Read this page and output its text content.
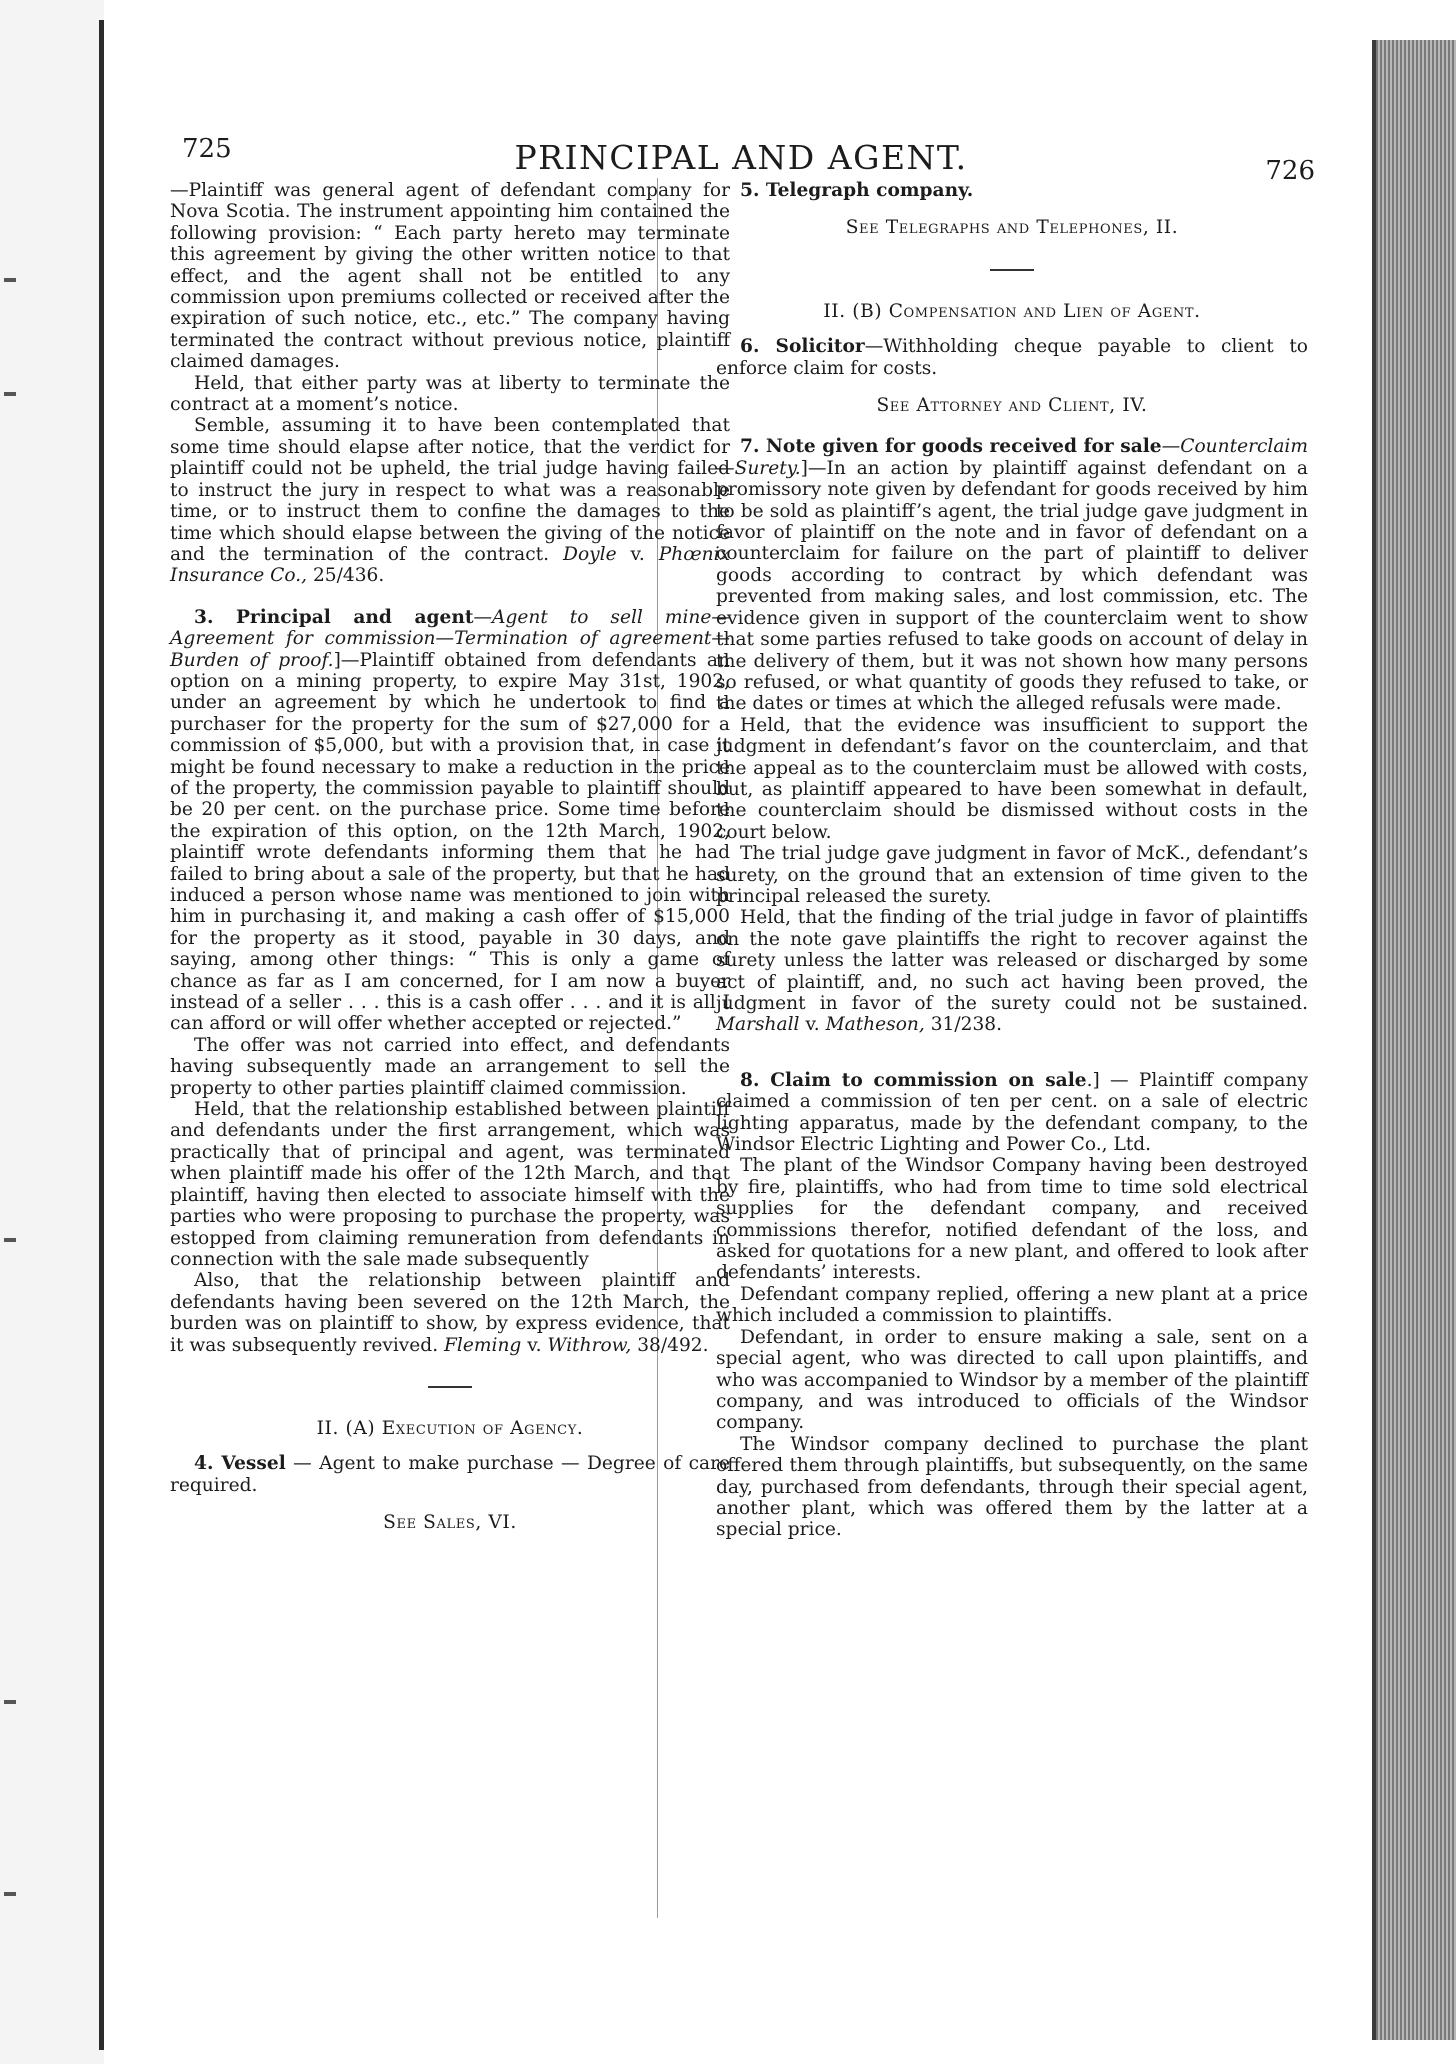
725	PRINCIPAL AND AGENT.	726

—Plaintiff was general agent of defendant company for Nova Scotia. The instrument appointing him contained the following provision: “ Each party hereto may terminate this agreement by giving the other written notice to that effect, and the agent shall not be entitled to any commission upon premiums collected or received after the expiration of such notice, etc., etc.” The company having terminated the contract without previous notice, plaintiff claimed damages.

Held, that either party was at liberty to terminate the contract at a moment’s notice.

Semble, assuming it to have been contemplated that some time should elapse after notice, that the verdict for plaintiff could not be upheld, the trial judge having failed to instruct the jury in respect to what was a reasonable time, or to instruct them to confine the damages to the time which should elapse between the giving of the notice and the termination of the contract. Doyle v. Phœnix Insurance Co., 25/436.

3. Principal and agent—Agent to sell mine—Agreement for commission—Termination of agreement—Burden of proof.]—Plaintiff obtained from defendants an option on a mining property, to expire May 31st, 1902, under an agreement by which he undertook to find a purchaser for the property for the sum of $27,000 for a commission of $5,000, but with a provision that, in case it might be found necessary to make a reduction in the price of the property, the commission payable to plaintiff should be 20 per cent. on the purchase price. Some time before the expiration of this option, on the 12th March, 1902, plaintiff wrote defendants informing them that he had failed to bring about a sale of the property, but that he had induced a person whose name was mentioned to join with him in purchasing it, and making a cash offer of $15,000 for the property as it stood, payable in 30 days, and saying, among other things: “ This is only a game of chance as far as I am concerned, for I am now a buyer instead of a seller . . . this is a cash offer . . . and it is all I can afford or will offer whether accepted or rejected.”

The offer was not carried into effect, and defendants having subsequently made an arrangement to sell the property to other parties plaintiff claimed commission.

Held, that the relationship established between plaintiff and defendants under the first arrangement, which was practically that of principal and agent, was terminated when plaintiff made his offer of the 12th March, and that plaintiff, having then elected to associate himself with the parties who were proposing to purchase the property, was estopped from claiming remuneration from defendants in connection with the sale made subsequently

Also, that the relationship between plaintiff and defendants having been severed on the 12th March, the burden was on plaintiff to show, by express evidence, that it was subsequently revived. Fleming v. Withrow, 38/492.

II. (A) Execution of Agency.

4. Vessel — Agent to make purchase — Degree of care required.

See Sales, VI.

5. Telegraph company.

See Telegraphs and Telephones, II.
II. (B) Compensation and Lien of Agent.

6. Solicitor—Withholding cheque payable to client to enforce claim for costs.

See Attorney and Client, IV.

7. Note given for goods received for sale—Counterclaim—Surety.]—In an action by plaintiff against defendant on a promissory note given by defendant for goods received by him to be sold as plaintiff’s agent, the trial judge gave judgment in favor of plaintiff on the note and in favor of defendant on a counterclaim for failure on the part of plaintiff to deliver goods according to contract by which defendant was prevented from making sales, and lost commission, etc. The evidence given in support of the counterclaim went to show that some parties refused to take goods on account of delay in the delivery of them, but it was not shown how many persons so refused, or what quantity of goods they refused to take, or the dates or times at which the alleged refusals were made.

Held, that the evidence was insufficient to support the judgment in defendant’s favor on the counterclaim, and that the appeal as to the counterclaim must be allowed with costs, but, as plaintiff appeared to have been somewhat in default, the counterclaim should be dismissed without costs in the court below.

The trial judge gave judgment in favor of McK., defendant’s surety, on the ground that an extension of time given to the principal released the surety.

Held, that the finding of the trial judge in favor of plaintiffs on the note gave plaintiffs the right to recover against the surety unless the latter was released or discharged by some act of plaintiff, and, no such act having been proved, the judgment in favor of the surety could not be sustained. Marshall v. Matheson, 31/238.

8. Claim to commission on sale.] — Plaintiff company claimed a commission of ten per cent. on a sale of electric lighting apparatus, made by the defendant company, to the Windsor Electric Lighting and Power Co., Ltd.

The plant of the Windsor Company having been destroyed by fire, plaintiffs, who had from time to time sold electrical supplies for the defendant company, and received commissions therefor, notified defendant of the loss, and asked for quotations for a new plant, and offered to look after defendants’ interests.

Defendant company replied, offering a new plant at a price which included a commission to plaintiffs.

Defendant, in order to ensure making a sale, sent on a special agent, who was directed to call upon plaintiffs, and who was accompanied to Windsor by a member of the plaintiff company, and was introduced to officials of the Windsor company.

The Windsor company declined to purchase the plant offered them through plaintiffs, but subsequently, on the same day, purchased from defendants, through their special agent, another plant, which was offered them by the latter at a special price.
